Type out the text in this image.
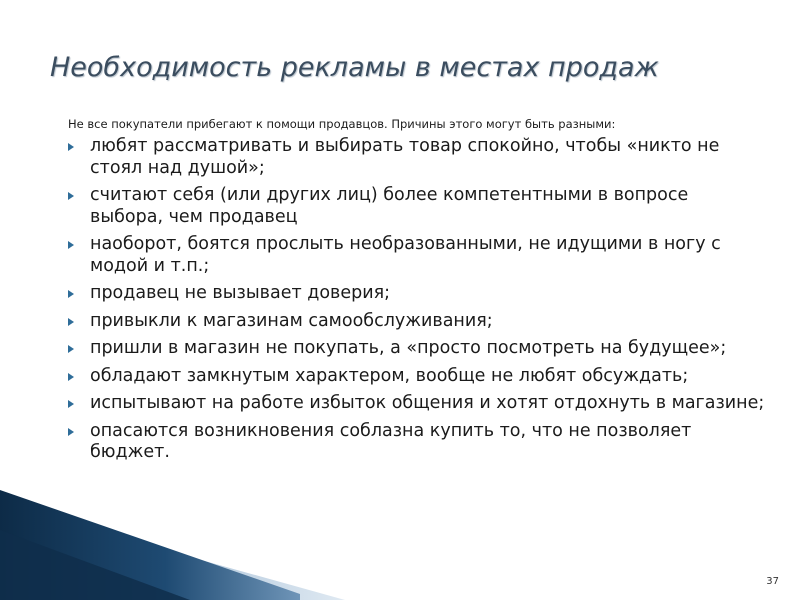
Необходимость рекламы в местах продаж
Не все покупатели прибегают к помощи продавцов. Причины этого могут быть разными:
любят рассматривать и выбирать товар спокойно, чтобы «никто не стоял над душой»;
считают себя (или других лиц) более компетентными в вопросе выбора, чем продавец
наоборот, боятся прослыть необразованными, не идущими в ногу с модой и т.п.;
продавец не вызывает доверия;
привыкли к магазинам самообслуживания;
пришли в магазин не покупать, а «просто посмотреть на будущее»;
обладают замкнутым характером, вообще не любят обсуждать;
испытывают на работе избыток общения и хотят отдохнуть в магазине;
опасаются возникновения соблазна купить то, что не позволяет бюджет.
37
